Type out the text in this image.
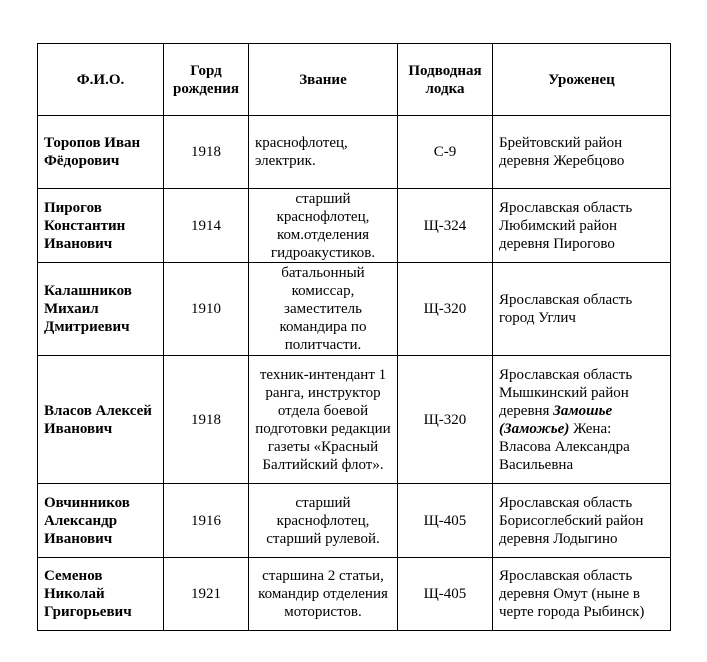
Ф.И.О.	Горд рождения	Звание	Подводная лодка	Уроженец
Торопов Иван Фёдорович	1918	краснофлотец, электрик.	С-9	Брейтовский район деревня Жеребцово
Пирогов Константин Иванович	1914	старший краснофлотец, ком.отделения гидроакустиков.	Щ-324	Ярославская область Любимский район деревня Пирогово
Калашников Михаил Дмитриевич	1910	батальонный комиссар, заместитель командира по политчасти.	Щ-320	Ярославская область город Углич
Власов Алексей Иванович	1918	техник-интендант 1 ранга, инструктор отдела боевой подготовки редакции газеты «Красный Балтийский флот».	Щ-320	Ярославская область Мышкинский район деревня Замошье (Заможье) Жена: Власова Александра Васильевна
Овчинников Александр Иванович	1916	старший краснофлотец, старший рулевой.	Щ-405	Ярославская область Борисоглебский район деревня Лодыгино
Семенов Николай Григорьевич	1921	старшина 2 статьи, командир отделения мотористов.	Щ-405	Ярославская область деревня Омут (ныне в черте города Рыбинск)
